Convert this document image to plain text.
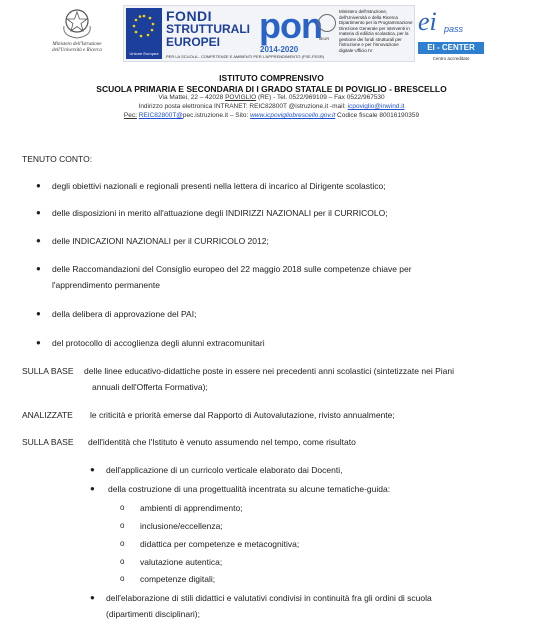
Ministero dell'Istruzione dell'Università e Ricerca
Unione Europea
FONDI
STRUTTURALI
EUROPEI pon
2014-2020
PER LA SCUOLA - COMPETENZE E AMBIENTI PER L'APPRENDIMENTO (FSE-FESR)
MIUR
Ministero dell'Istruzione, dell'Università e della Ricerca Dipartimento per la Programmazione Direzione Generale per interventi in materia di edilizia scolastica, per la gestione dei fondi strutturali per l'istruzione e per l'innovazione digitale Ufficio IV
ei pass
EI - CENTER
Centro accreditato
ISTITUTO COMPRENSIVO
SCUOLA PRIMARIA E SECONDARIA DI I GRADO STATALE DI POVIGLIO - BRESCELLO
Via Mattei, 22 – 42028 POVIGLIO (RE) - Tel. 0522/969109 – Fax 0522/967530
Indirizzo posta elettronica INTRANET: REIC82800T @istruzione.it -mail: icpoviglio@inwind.it
Pec: REIC82800T@pec.istruzione.it – Sito: www.icpovigliobrescello.gov.it Codice fiscale 80016190359
TENUTO CONTO:
● degli obiettivi nazionali e regionali presenti nella lettera di incarico al Dirigente scolastico;
● delle disposizioni in merito all'attuazione degli INDIRIZZI NAZIONALI per il CURRICOLO;
● delle INDICAZIONI NAZIONALI per il CURRICOLO 2012;
● delle Raccomandazioni del Consiglio europeo del 22 maggio 2018 sulle competenze chiave per
l'apprendimento permanente
● della delibera di approvazione del PAI;
● del protocollo di accoglienza degli alunni extracomunitari
SULLA BASE delle linee educativo-didattiche poste in essere nei precedenti anni scolastici (sintetizzate nei Piani
annuali dell'Offerta Formativa);
ANALIZZATE le criticità e priorità emerse dal Rapporto di Autovalutazione, rivisto annualmente;
SULLA BASE dell'identità che l'Istituto è venuto assumendo nel tempo, come risultato
● dell'applicazione di un curricolo verticale elaborato dai Docenti,
● della costruzione di una progettualità incentrata su alcune tematiche-guida:
o ambienti di apprendimento;
o inclusione/eccellenza;
o didattica per competenze e metacognitiva;
o valutazione autentica;
o competenze digitali;
● dell'elaborazione di stili didattici e valutativi condivisi in continuità fra gli ordini di scuola
(dipartimenti disciplinari);
